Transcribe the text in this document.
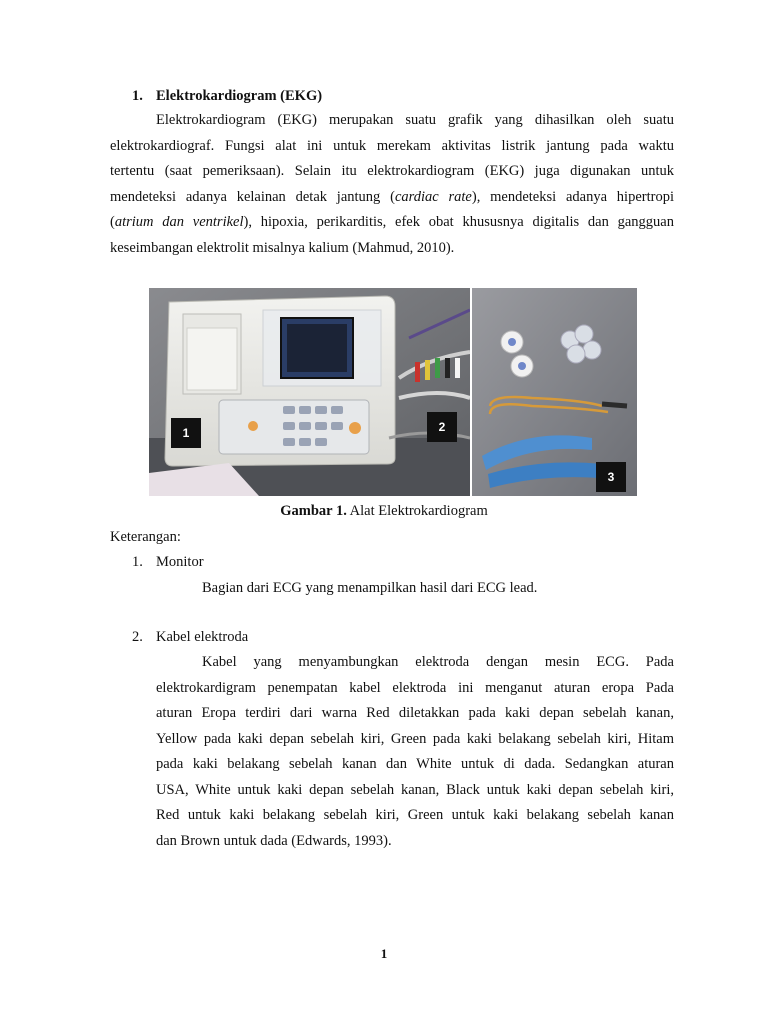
1. Elektrokardiogram (EKG)
Elektrokardiogram (EKG) merupakan suatu grafik yang dihasilkan oleh suatu
elektrokardiograf. Fungsi alat ini untuk merekam aktivitas listrik jantung pada waktu
tertentu (saat pemeriksaan). Selain itu elektrokardiogram (EKG) juga digunakan untuk
mendeteksi adanya kelainan detak jantung (cardiac rate), mendeteksi adanya hipertropi
(atrium dan ventrikel), hipoxia, perikarditis, efek obat khususnya digitalis dan gangguan
keseimbangan elektrolit misalnya kalium (Mahmud, 2010).
1	2
3
Gambar 1. Alat Elektrokardiogram
Keterangan:
1. Monitor
Bagian dari ECG yang menampilkan hasil dari ECG lead.
2. Kabel elektroda
Kabel yang menyambungkan elektroda dengan mesin ECG. Pada
elektrokardigram penempatan kabel elektroda ini menganut aturan eropa Pada
aturan Eropa terdiri dari warna Red diletakkan pada kaki depan sebelah kanan,
Yellow pada kaki depan sebelah kiri, Green pada kaki belakang sebelah kiri, Hitam
pada kaki belakang sebelah kanan dan White untuk di dada. Sedangkan aturan
USA, White untuk kaki depan sebelah kanan, Black untuk kaki depan sebelah kiri,
Red untuk kaki belakang sebelah kiri, Green untuk kaki belakang sebelah kanan
dan Brown untuk dada (Edwards, 1993).
1
